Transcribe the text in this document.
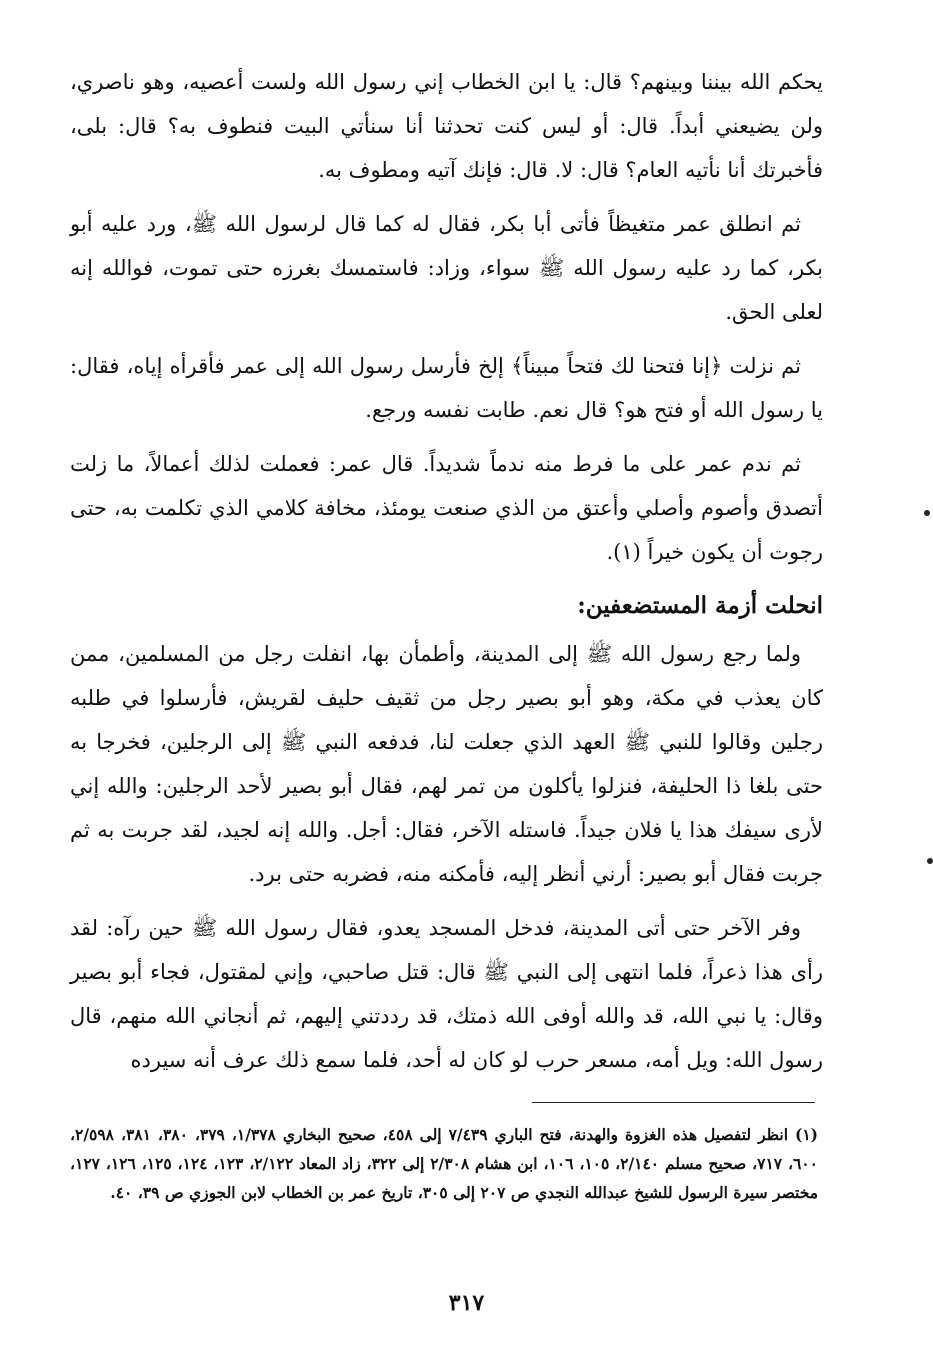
يحكم الله بيننا وبينهم؟ قال: يا ابن الخطاب إني رسول الله ولست أعصيه، وهو ناصري، ولن يضيعني أبداً. قال: أو ليس كنت تحدثنا أنا سنأتي البيت فنطوف به؟ قال: بلى، فأخبرتك أنا نأتيه العام؟ قال: لا. قال: فإنك آتيه ومطوف به.

ثم انطلق عمر متغيظاً فأتى أبا بكر، فقال له كما قال لرسول الله ﷺ، ورد عليه أبو بكر، كما رد عليه رسول الله ﷺ سواء، وزاد: فاستمسك بغرزه حتى تموت، فوالله إنه لعلى الحق.

ثم نزلت ﴿إنا فتحنا لك فتحاً مبيناً﴾ إلخ فأرسل رسول الله إلى عمر فأقرأه إياه، فقال: يا رسول الله أو فتح هو؟ قال نعم. طابت نفسه ورجع.

ثم ندم عمر على ما فرط منه ندماً شديداً. قال عمر: فعملت لذلك أعمالاً، ما زلت أتصدق وأصوم وأصلي وأعتق من الذي صنعت يومئذ، مخافة كلامي الذي تكلمت به، حتى رجوت أن يكون خيراً (١).

انحلت أزمة المستضعفين:

ولما رجع رسول الله ﷺ إلى المدينة، وأطمأن بها، انفلت رجل من المسلمين، ممن كان يعذب في مكة، وهو أبو بصير رجل من ثقيف حليف لقريش، فأرسلوا في طلبه رجلين وقالوا للنبي ﷺ العهد الذي جعلت لنا، فدفعه النبي ﷺ إلى الرجلين، فخرجا به حتى بلغا ذا الحليفة، فنزلوا يأكلون من تمر لهم، فقال أبو بصير لأحد الرجلين: والله إني لأرى سيفك هذا يا فلان جيداً. فاستله الآخر، فقال: أجل. والله إنه لجيد، لقد جربت به ثم جربت فقال أبو بصير: أرني أنظر إليه، فأمكنه منه، فضربه حتى برد.

وفر الآخر حتى أتى المدينة، فدخل المسجد يعدو، فقال رسول الله ﷺ حين رآه: لقد رأى هذا ذعراً، فلما انتهى إلى النبي ﷺ قال: قتل صاحبي، وإني لمقتول، فجاء أبو بصير وقال: يا نبي الله، قد والله أوفى الله ذمتك، قد رددتني إليهم، ثم أنجاني الله منهم، قال رسول الله: ويل أمه، مسعر حرب لو كان له أحد، فلما سمع ذلك عرف أنه سيرده

(١) انظر لتفصيل هذه الغزوة والهدنة، فتح الباري ٧/٤٣٩ إلى ٤٥٨، صحيح البخاري ١/٣٧٨، ٣٧٩، ٣٨٠، ٣٨١، ٢/٥٩٨، ٦٠٠، ٧١٧، صحيح مسلم ٢/١٤٠، ١٠٥، ١٠٦، ابن هشام ٢/٣٠٨ إلى ٣٢٢، زاد المعاد ٢/١٢٢، ١٢٣، ١٢٤، ١٢٥، ١٢٦، ١٢٧، مختصر سيرة الرسول للشيخ عبدالله النجدي ص ٢٠٧ إلى ٣٠٥، تاريخ عمر بن الخطاب لابن الجوزي ص ٣٩، ٤٠.
٣١٧
